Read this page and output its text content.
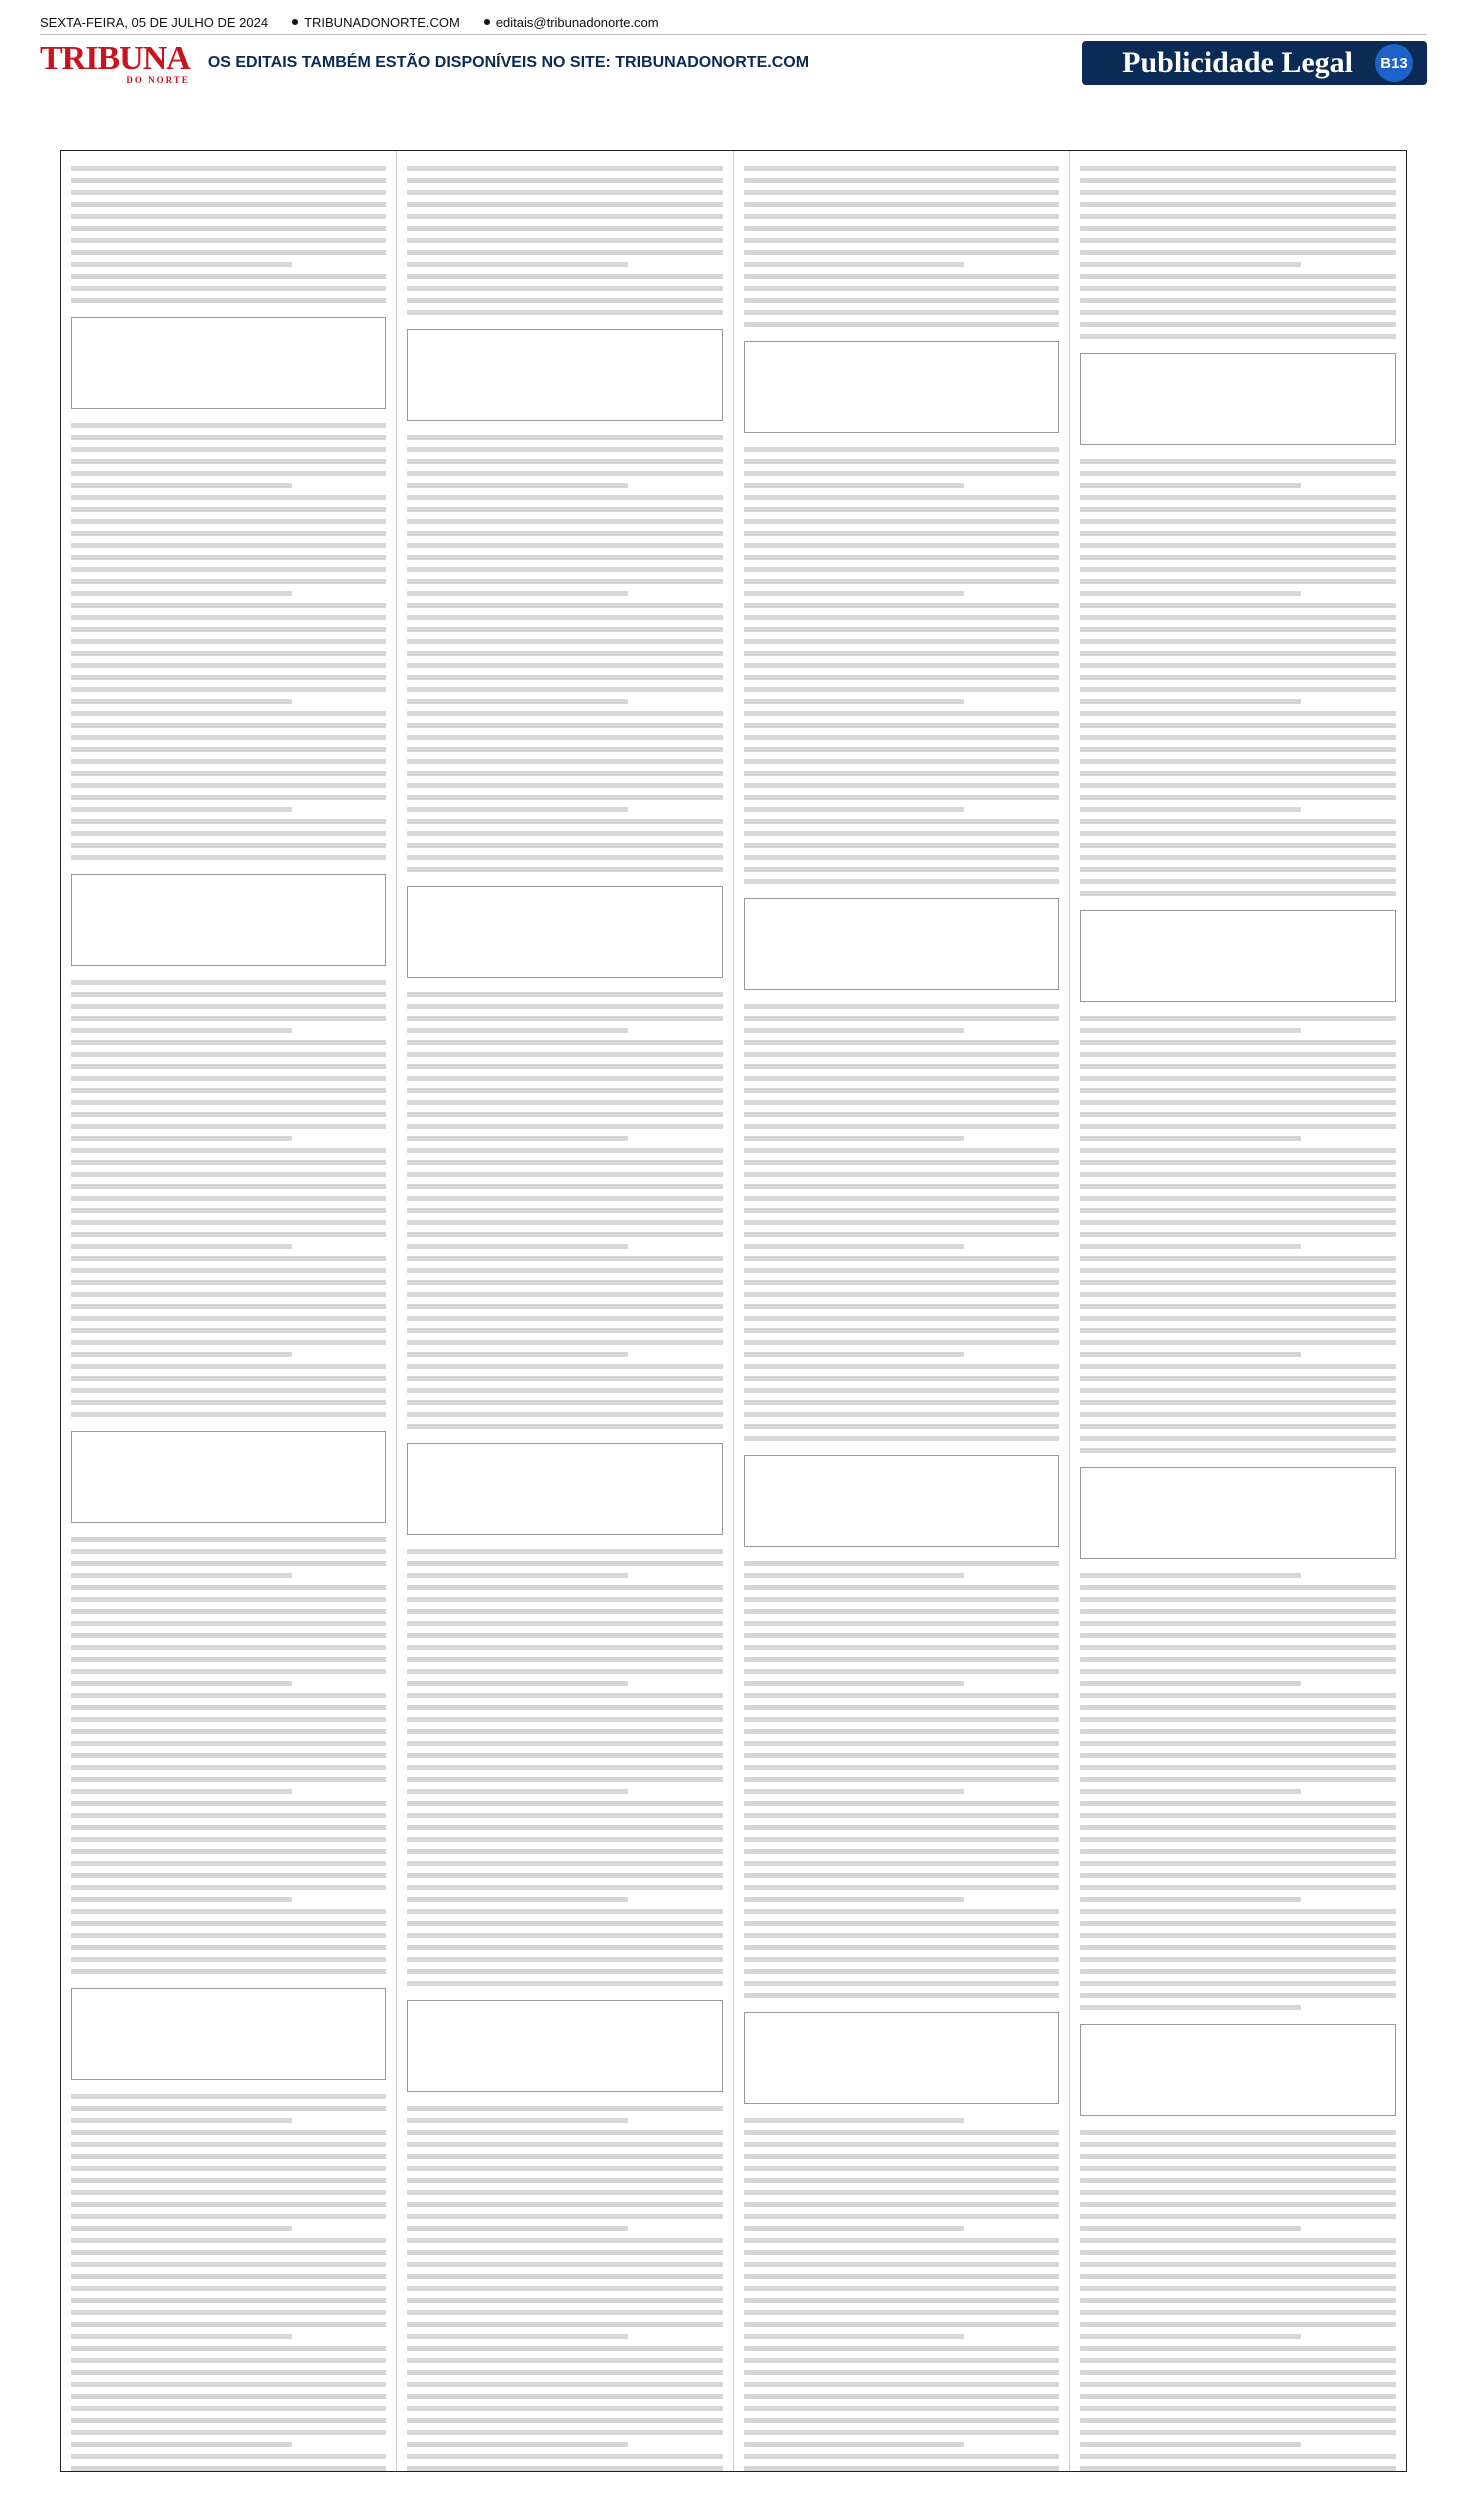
SEXTA-FEIRA, 05 DE JULHO DE 2024	TRIBUNADONORTE.COM	editais@tribunadonorte.com
TRIBUNA
DO NORTE
OS EDITAIS TAMBÉM ESTÃO DISPONÍVEIS NO SITE: TRIBUNADONORTE.COM	Publicidade Legal	B13
